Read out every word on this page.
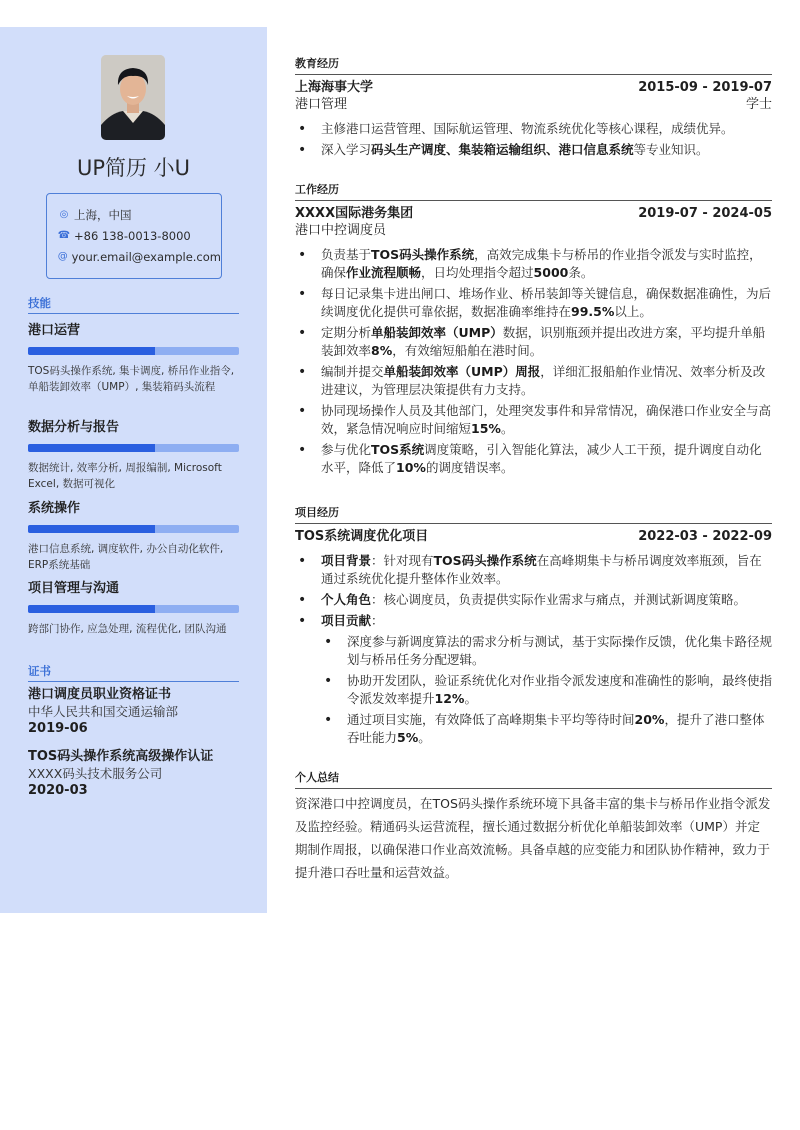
UP简历 小U
◎ 上海，中国
☎ +86 138-0013-8000
@ your.email@example.com
技能
港口运营
TOS码头操作系统, 集卡调度, 桥吊作业指令, 单船装卸效率（UMP）, 集装箱码头流程
数据分析与报告
数据统计, 效率分析, 周报编制, Microsoft Excel, 数据可视化
系统操作
港口信息系统, 调度软件, 办公自动化软件, ERP系统基础
项目管理与沟通
跨部门协作, 应急处理, 流程优化, 团队沟通
证书
港口调度员职业资格证书
中华人民共和国交通运输部
2019-06
TOS码头操作系统高级操作认证
XXXX码头技术服务公司
2020-03
教育经历
上海海事大学	2015-09 - 2019-07
港口管理	学士
• 主修港口运营管理、国际航运管理、物流系统优化等核心课程，成绩优异。
• 深入学习码头生产调度、集装箱运输组织、港口信息系统等专业知识。
工作经历
XXXX国际港务集团	2019-07 - 2024-05
港口中控调度员
• 负责基于TOS码头操作系统，高效完成集卡与桥吊的作业指令派发与实时监控，确保作业流程顺畅，日均处理指令超过5000条。
• 每日记录集卡进出闸口、堆场作业、桥吊装卸等关键信息，确保数据准确性，为后续调度优化提供可靠依据，数据准确率维持在99.5%以上。
• 定期分析单船装卸效率（UMP）数据，识别瓶颈并提出改进方案，平均提升单船装卸效率8%，有效缩短船舶在港时间。
• 编制并提交单船装卸效率（UMP）周报，详细汇报船舶作业情况、效率分析及改进建议，为管理层决策提供有力支持。
• 协同现场操作人员及其他部门，处理突发事件和异常情况，确保港口作业安全与高效，紧急情况响应时间缩短15%。
• 参与优化TOS系统调度策略，引入智能化算法，减少人工干预，提升调度自动化水平，降低了10%的调度错误率。
项目经历
TOS系统调度优化项目	2022-03 - 2022-09
• 项目背景：针对现有TOS码头操作系统在高峰期集卡与桥吊调度效率瓶颈，旨在通过系统优化提升整体作业效率。
• 个人角色：核心调度员，负责提供实际作业需求与痛点，并测试新调度策略。
• 项目贡献：
• 深度参与新调度算法的需求分析与测试，基于实际操作反馈，优化集卡路径规划与桥吊任务分配逻辑。
• 协助开发团队，验证系统优化对作业指令派发速度和准确性的影响，最终使指令派发效率提升12%。
• 通过项目实施，有效降低了高峰期集卡平均等待时间20%，提升了港口整体吞吐能力5%。
个人总结
资深港口中控调度员，在TOS码头操作系统环境下具备丰富的集卡与桥吊作业指令派发及监控经验。精通码头运营流程，擅长通过数据分析优化单船装卸效率（UMP）并定期制作周报，以确保港口作业高效流畅。具备卓越的应变能力和团队协作精神，致力于提升港口吞吐量和运营效益。
